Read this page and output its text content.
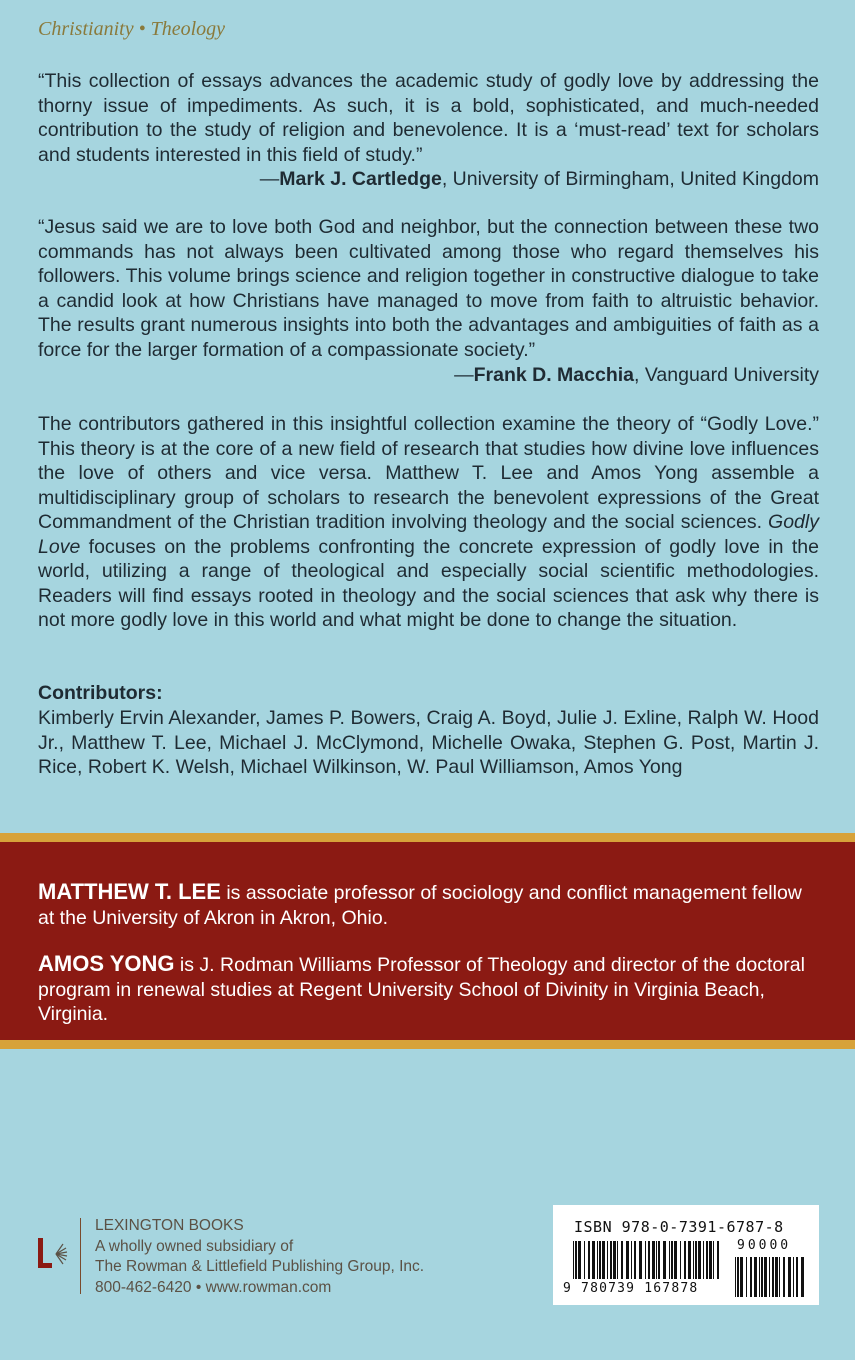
Christianity • Theology
“This collection of essays advances the academic study of godly love by addressing the thorny issue of impediments. As such, it is a bold, sophisticated, and much-needed contribution to the study of religion and benevolence. It is a ‘must-read’ text for scholars and students interested in this field of study.”
—Mark J. Cartledge, University of Birmingham, United Kingdom
“Jesus said we are to love both God and neighbor, but the connection between these two commands has not always been cultivated among those who regard themselves his followers. This volume brings science and religion together in constructive dialogue to take a candid look at how Christians have managed to move from faith to altruistic behavior. The results grant numerous insights into both the advantages and ambiguities of faith as a force for the larger formation of a compassionate society.”
—Frank D. Macchia, Vanguard University
The contributors gathered in this insightful collection examine the theory of “Godly Love.” This theory is at the core of a new field of research that studies how divine love influences the love of others and vice versa. Matthew T. Lee and Amos Yong assemble a multidisciplinary group of scholars to research the benevolent expressions of the Great Commandment of the Christian tradition involving theology and the social sciences. Godly Love focuses on the problems confronting the concrete expression of godly love in the world, utilizing a range of theological and especially social scientific methodologies. Readers will find essays rooted in theology and the social sciences that ask why there is not more godly love in this world and what might be done to change the situation.
Contributors:
Kimberly Ervin Alexander, James P. Bowers, Craig A. Boyd, Julie J. Exline, Ralph W. Hood Jr., Matthew T. Lee, Michael J. McClymond, Michelle Owaka, Stephen G. Post, Martin J. Rice, Robert K. Welsh, Michael Wilkinson, W. Paul Williamson, Amos Yong
MATTHEW T. LEE is associate professor of sociology and conflict management fellow at the University of Akron in Akron, Ohio.
AMOS YONG is J. Rodman Williams Professor of Theology and director of the doctoral program in renewal studies at Regent University School of Divinity in Virginia Beach, Virginia.
LEXINGTON BOOKS
A wholly owned subsidiary of
The Rowman & Littlefield Publishing Group, Inc.
800-462-6420 • www.rowman.com
ISBN 978-0-7391-6787-8
90000
9 780739 167878
